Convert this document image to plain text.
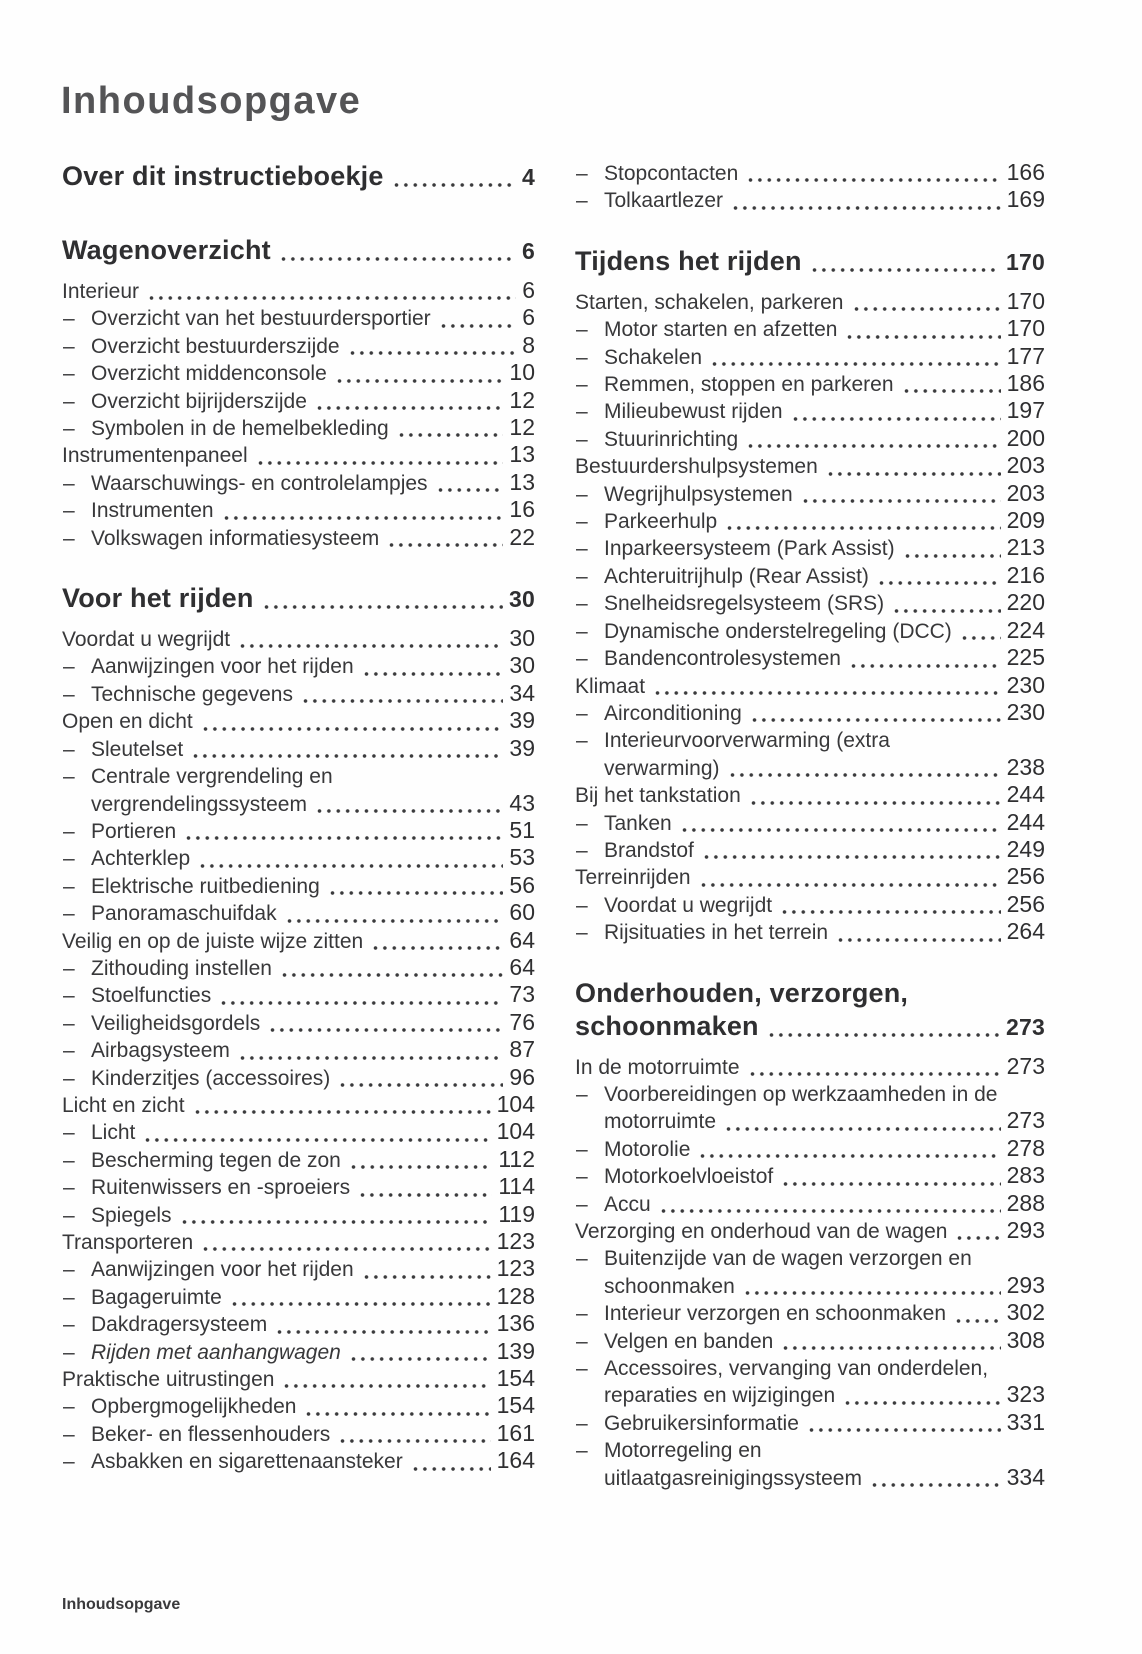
Inhoudsopgave
Over dit instructieboekje	4
Wagenoverzicht	6
Interieur	6
– Overzicht van het bestuurdersportier	6
– Overzicht bestuurderszijde	8
– Overzicht middenconsole	10
– Overzicht bijrijderszijde	12
– Symbolen in de hemelbekleding	12
Instrumentenpaneel	13
– Waarschuwings- en controlelampjes	13
– Instrumenten	16
– Volkswagen informatiesysteem	22
Voor het rijden	30
Voordat u wegrijdt	30
– Aanwijzingen voor het rijden	30
– Technische gegevens	34
Open en dicht	39
– Sleutelset	39
– Centrale vergrendeling en
vergrendelingssysteem	43
– Portieren	51
– Achterklep	53
– Elektrische ruitbediening	56
– Panoramaschuifdak	60
Veilig en op de juiste wijze zitten	64
– Zithouding instellen	64
– Stoelfuncties	73
– Veiligheidsgordels	76
– Airbagsysteem	87
– Kinderzitjes (accessoires)	96
Licht en zicht	104
– Licht	104
– Bescherming tegen de zon	112
– Ruitenwissers en -sproeiers	114
– Spiegels	119
Transporteren	123
– Aanwijzingen voor het rijden	123
– Bagageruimte	128
– Dakdragersysteem	136
– Rijden met aanhangwagen	139
Praktische uitrustingen	154
– Opbergmogelijkheden	154
– Beker- en flessenhouders	161
– Asbakken en sigarettenaansteker	164
– Stopcontacten	166
– Tolkaartlezer	169
Tijdens het rijden	170
Starten, schakelen, parkeren	170
– Motor starten en afzetten	170
– Schakelen	177
– Remmen, stoppen en parkeren	186
– Milieubewust rijden	197
– Stuurinrichting	200
Bestuurdershulpsystemen	203
– Wegrijhulpsystemen	203
– Parkeerhulp	209
– Inparkeersysteem (Park Assist)	213
– Achteruitrijhulp (Rear Assist)	216
– Snelheidsregelsysteem (SRS)	220
– Dynamische onderstelregeling (DCC) 224
– Bandencontrolesystemen	225
Klimaat	230
– Airconditioning	230
– Interieurvoorverwarming (extra
verwarming)	238
Bij het tankstation	244
– Tanken	244
– Brandstof	249
Terreinrijden	256
– Voordat u wegrijdt	256
– Rijsituaties in het terrein	264
Onderhouden, verzorgen,
schoonmaken	273
In de motorruimte	273
– Voorbereidingen op werkzaamheden in de
motorruimte	273
– Motorolie	278
– Motorkoelvloeistof	283
– Accu	288
Verzorging en onderhoud van de wagen	293
– Buitenzijde van de wagen verzorgen en
schoonmaken	293
– Interieur verzorgen en schoonmaken	302
– Velgen en banden	308
– Accessoires, vervanging van onderdelen,
reparaties en wijzigingen	323
– Gebruikersinformatie	331
– Motorregeling en
uitlaatgasreinigingssysteem	334
Inhoudsopgave
